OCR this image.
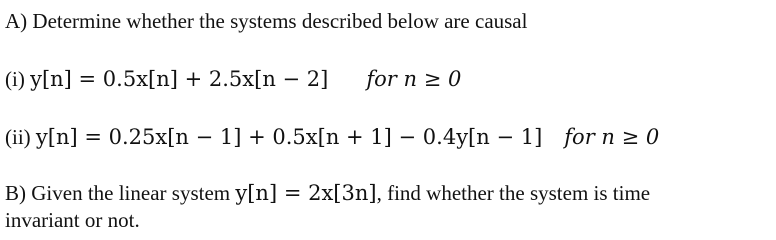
A) Determine whether the systems described below are causal
(i) y[n] = 0.5x[n] + 2.5x[n − 2] for n ≥ 0
(ii) y[n] = 0.25x[n − 1] + 0.5x[n + 1] − 0.4y[n − 1] for n ≥ 0
B) Given the linear system y[n] = 2x[3n], find whether the system is time
invariant or not.
